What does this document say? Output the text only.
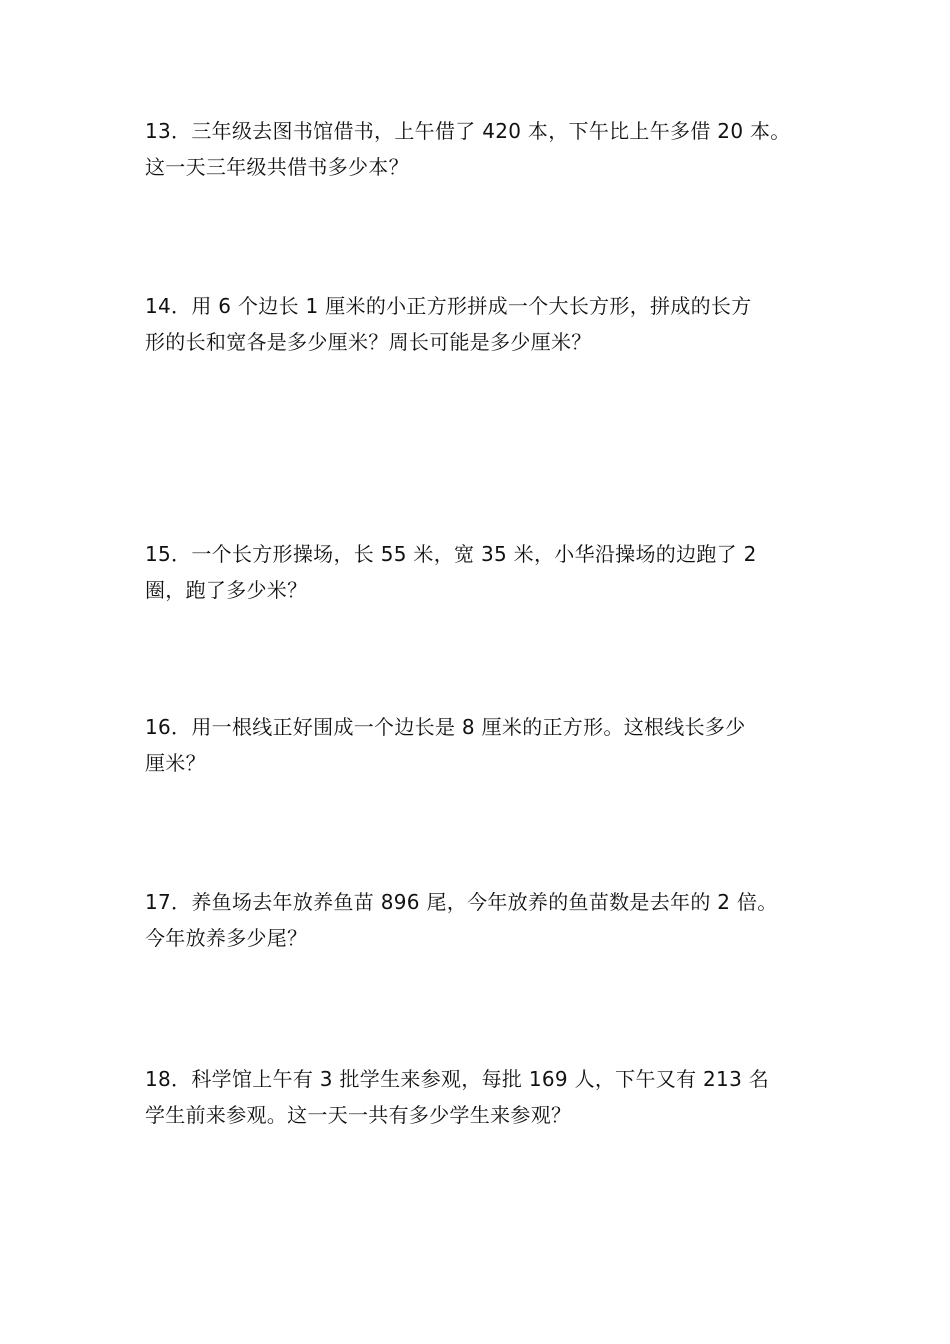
13．三年级去图书馆借书，上午借了 420 本，下午比上午多借 20 本。
这一天三年级共借书多少本？

14．用 6 个边长 1 厘米的小正方形拼成一个大长方形，拼成的长方
形的长和宽各是多少厘米？周长可能是多少厘米？

15．一个长方形操场，长 55 米，宽 35 米，小华沿操场的边跑了 2
圈，跑了多少米？

16．用一根线正好围成一个边长是 8 厘米的正方形。这根线长多少
厘米？

17．养鱼场去年放养鱼苗 896 尾，今年放养的鱼苗数是去年的 2 倍。
今年放养多少尾？

18．科学馆上午有 3 批学生来参观，每批 169 人，下午又有 213 名
学生前来参观。这一天一共有多少学生来参观？
